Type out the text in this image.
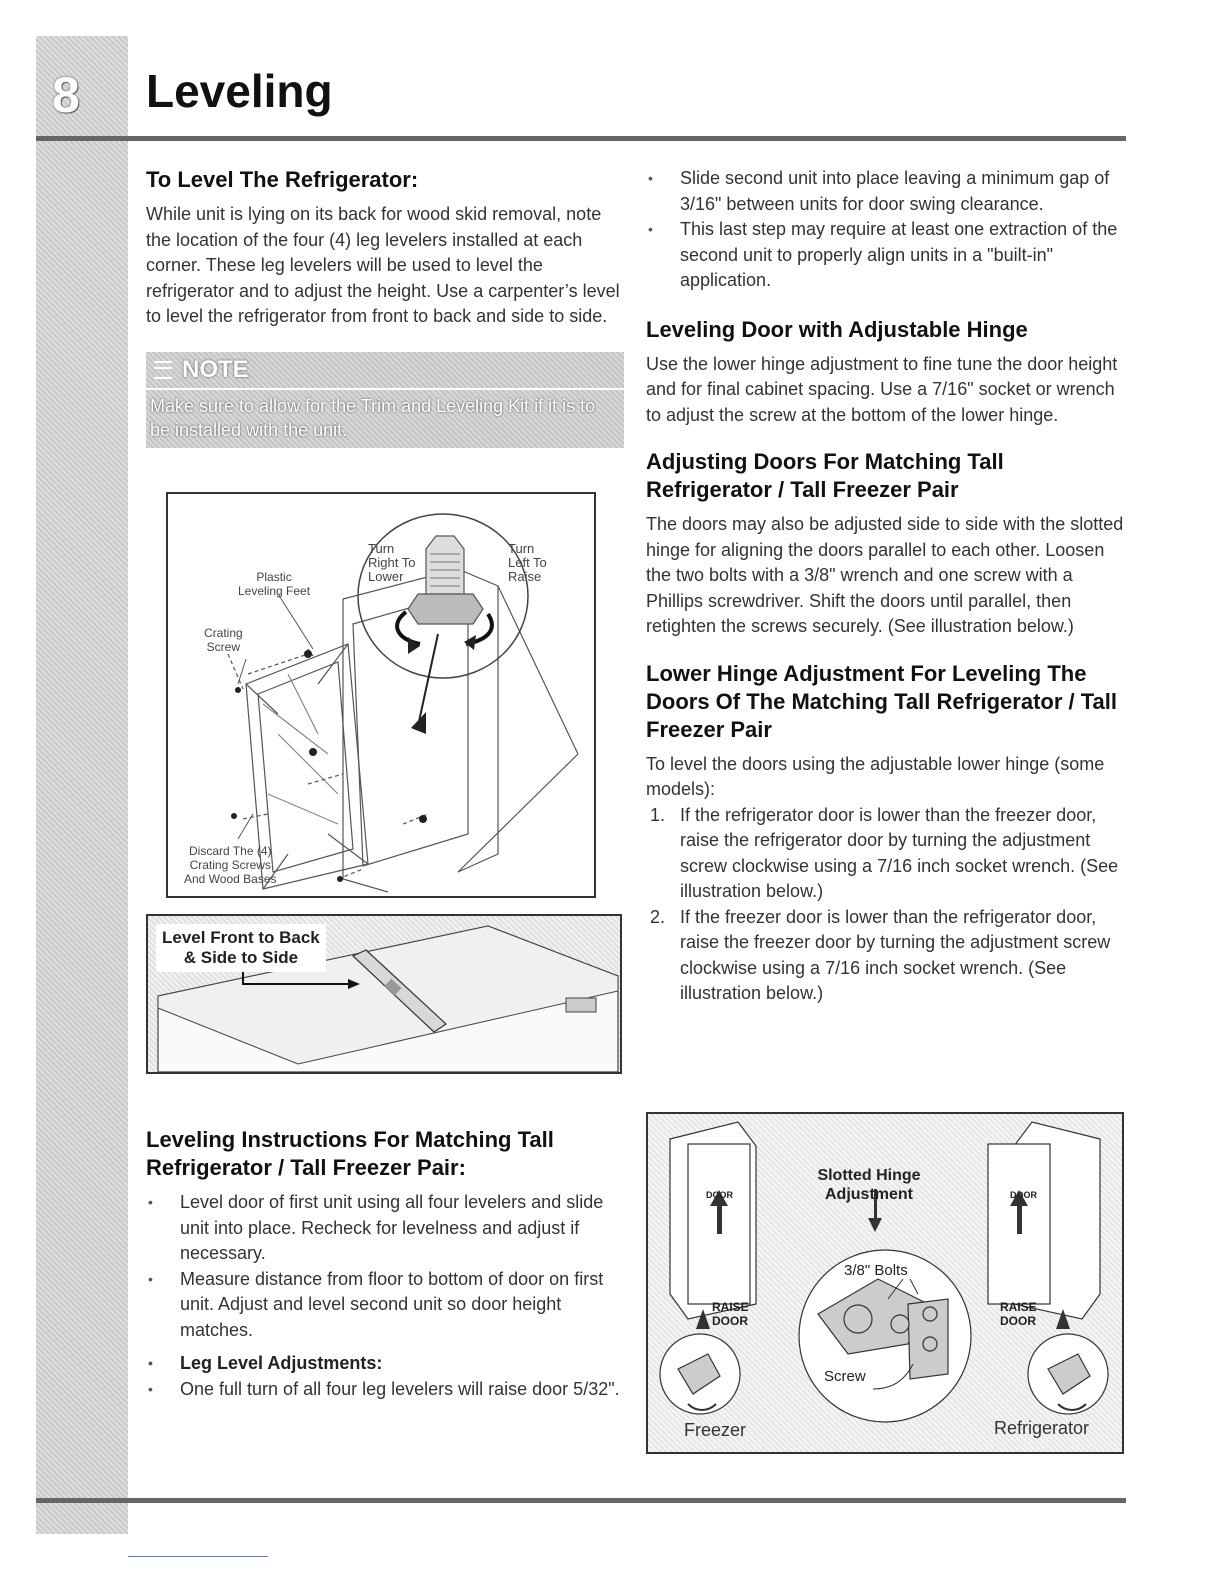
8 Leveling
To Level The Refrigerator:

While unit is lying on its back for wood skid removal, note the location of the four (4) leg levelers installed at each corner. These leg levelers will be used to level the refrigerator and to adjust the height. Use a carpenter’s level to level the refrigerator from front to back and side to side.

NOTE
Make sure to allow for the Trim and Leveling Kit if it is to be installed with the unit.
Turn
Right To
Lower
Turn
Left To
Raise
Plastic
Leveling Feet
Crating
Screw
Discard The (4)
Crating Screws
And Wood Bases
Level Front to Back
& Side to Side
Leveling Instructions For Matching Tall Refrigerator / Tall Freezer Pair:
• Level door of first unit using all four levelers and slide unit into place. Recheck for levelness and adjust if necessary.
• Measure distance from floor to bottom of door on first unit. Adjust and level second unit so door height matches.
• Leg Level Adjustments:
• One full turn of all four leg levelers will raise door 5/32".
• Slide second unit into place leaving a minimum gap of 3/16" between units for door swing clearance.
• This last step may require at least one extraction of the second unit to properly align units in a "built-in" application.
Leveling Door with Adjustable Hinge

Use the lower hinge adjustment to fine tune the door height and for final cabinet spacing. Use a 7/16" socket or wrench to adjust the screw at the bottom of the lower hinge.

Adjusting Doors For Matching Tall Refrigerator / Tall Freezer Pair

The doors may also be adjusted side to side with the slotted hinge for aligning the doors parallel to each other. Loosen the two bolts with a 3/8" wrench and one screw with a Phillips screwdriver. Shift the doors until parallel, then retighten the screws securely. (See illustration below.)

Lower Hinge Adjustment For Leveling The Doors Of The Matching Tall Refrigerator / Tall Freezer Pair

To level the doors using the adjustable lower hinge (some models):

1. If the refrigerator door is lower than the freezer door, raise the refrigerator door by turning the adjustment screw clockwise using a 7/16 inch socket wrench. (See illustration below.)
2. If the freezer door is lower than the refrigerator door, raise the freezer door by turning the adjustment screw clockwise using a 7/16 inch socket wrench. (See illustration below.)
Slotted Hinge
Adjustment
3/8" Bolts
Screw
DOOR	DOOR
RAISE
DOOR
RAISE
DOOR
Freezer	Refrigerator
